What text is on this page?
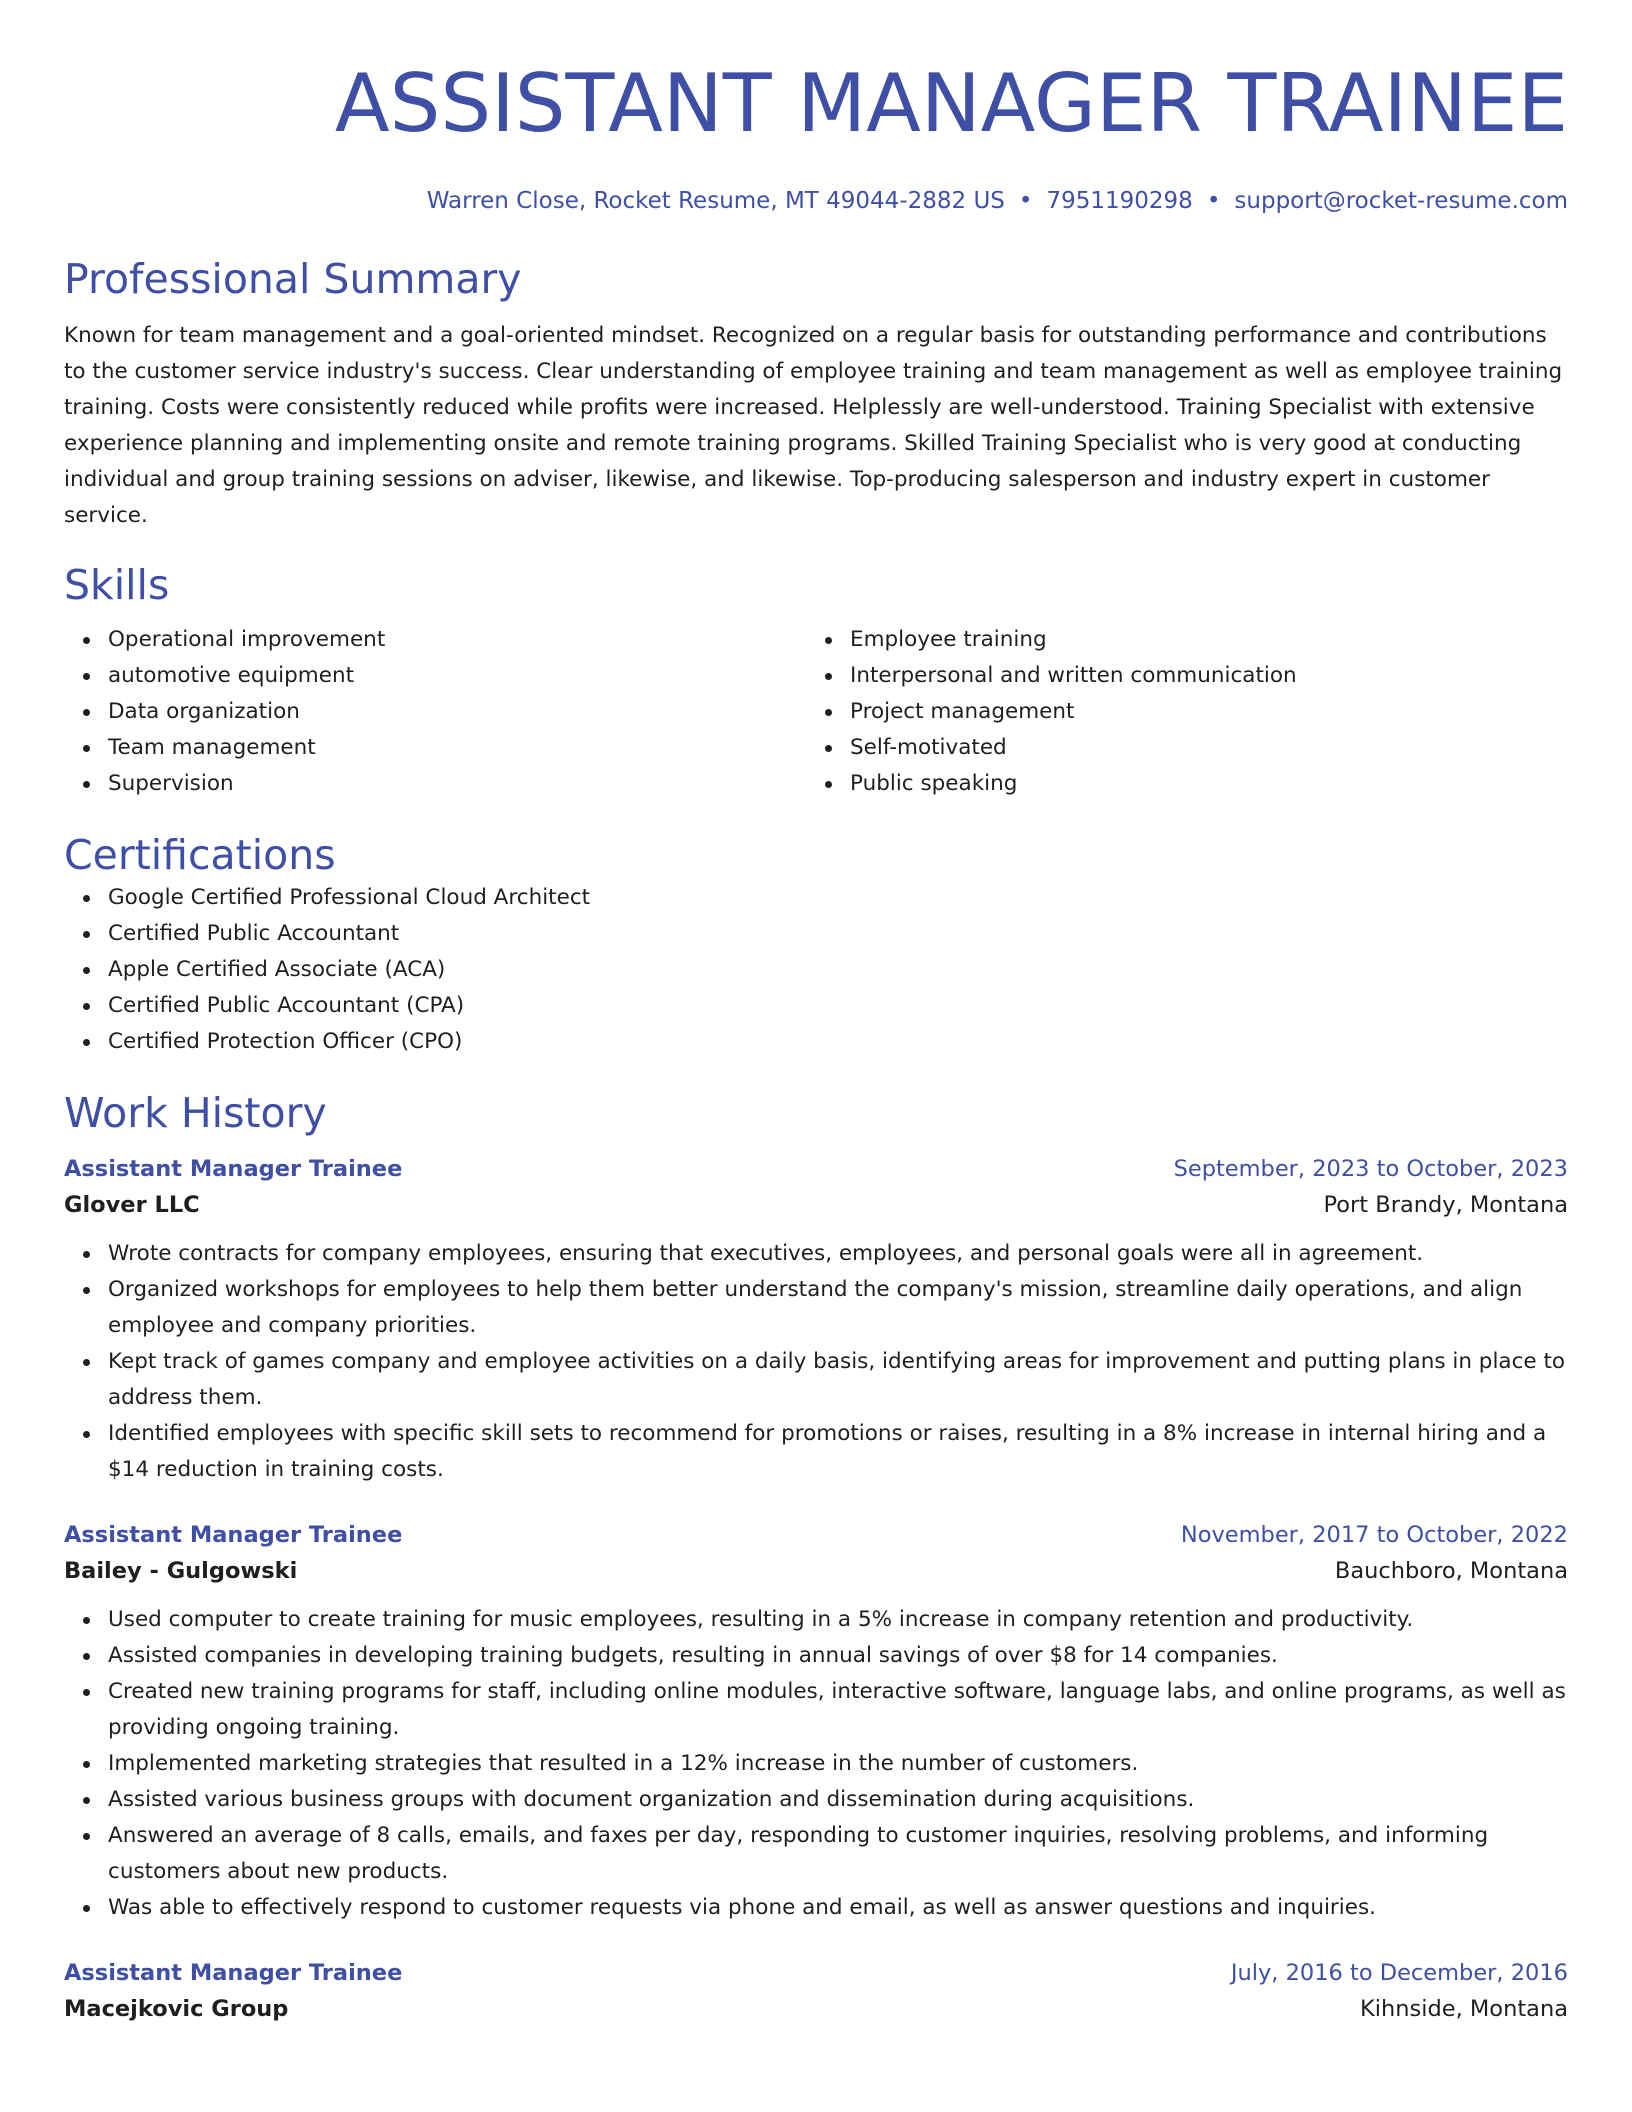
ASSISTANT MANAGER TRAINEE
Warren Close, Rocket Resume, MT 49044-2882 US • 7951190298 • support@rocket-resume.com
Professional Summary

Known for team management and a goal-oriented mindset. Recognized on a regular basis for outstanding performance and contributions to the customer service industry's success. Clear understanding of employee training and team management as well as employee training training. Costs were consistently reduced while profits were increased. Helplessly are well-understood. Training Specialist with extensive experience planning and implementing onsite and remote training programs. Skilled Training Specialist who is very good at conducting individual and group training sessions on adviser, likewise, and likewise. Top-producing salesperson and industry expert in customer service.

Skills
Operational improvement
automotive equipment
Data organization
Team management
Supervision
Employee training
Interpersonal and written communication
Project management
Self-motivated
Public speaking
Certifications
Google Certified Professional Cloud Architect
Certified Public Accountant
Apple Certified Associate (ACA)
Certified Public Accountant (CPA)
Certified Protection Officer (CPO)
Work History
Assistant Manager Trainee	September, 2023 to October, 2023
Glover LLC	Port Brandy, Montana
Wrote contracts for company employees, ensuring that executives, employees, and personal goals were all in agreement.
Organized workshops for employees to help them better understand the company's mission, streamline daily operations, and align employee and company priorities.
Kept track of games company and employee activities on a daily basis, identifying areas for improvement and putting plans in place to address them.
Identified employees with specific skill sets to recommend for promotions or raises, resulting in a 8% increase in internal hiring and a $14 reduction in training costs.
Assistant Manager Trainee	November, 2017 to October, 2022
Bailey - Gulgowski	Bauchboro, Montana
Used computer to create training for music employees, resulting in a 5% increase in company retention and productivity.
Assisted companies in developing training budgets, resulting in annual savings of over $8 for 14 companies.
Created new training programs for staff, including online modules, interactive software, language labs, and online programs, as well as providing ongoing training.
Implemented marketing strategies that resulted in a 12% increase in the number of customers.
Assisted various business groups with document organization and dissemination during acquisitions.
Answered an average of 8 calls, emails, and faxes per day, responding to customer inquiries, resolving problems, and informing customers about new products.
Was able to effectively respond to customer requests via phone and email, as well as answer questions and inquiries.
Assistant Manager Trainee	July, 2016 to December, 2016
Macejkovic Group	Kihnside, Montana
